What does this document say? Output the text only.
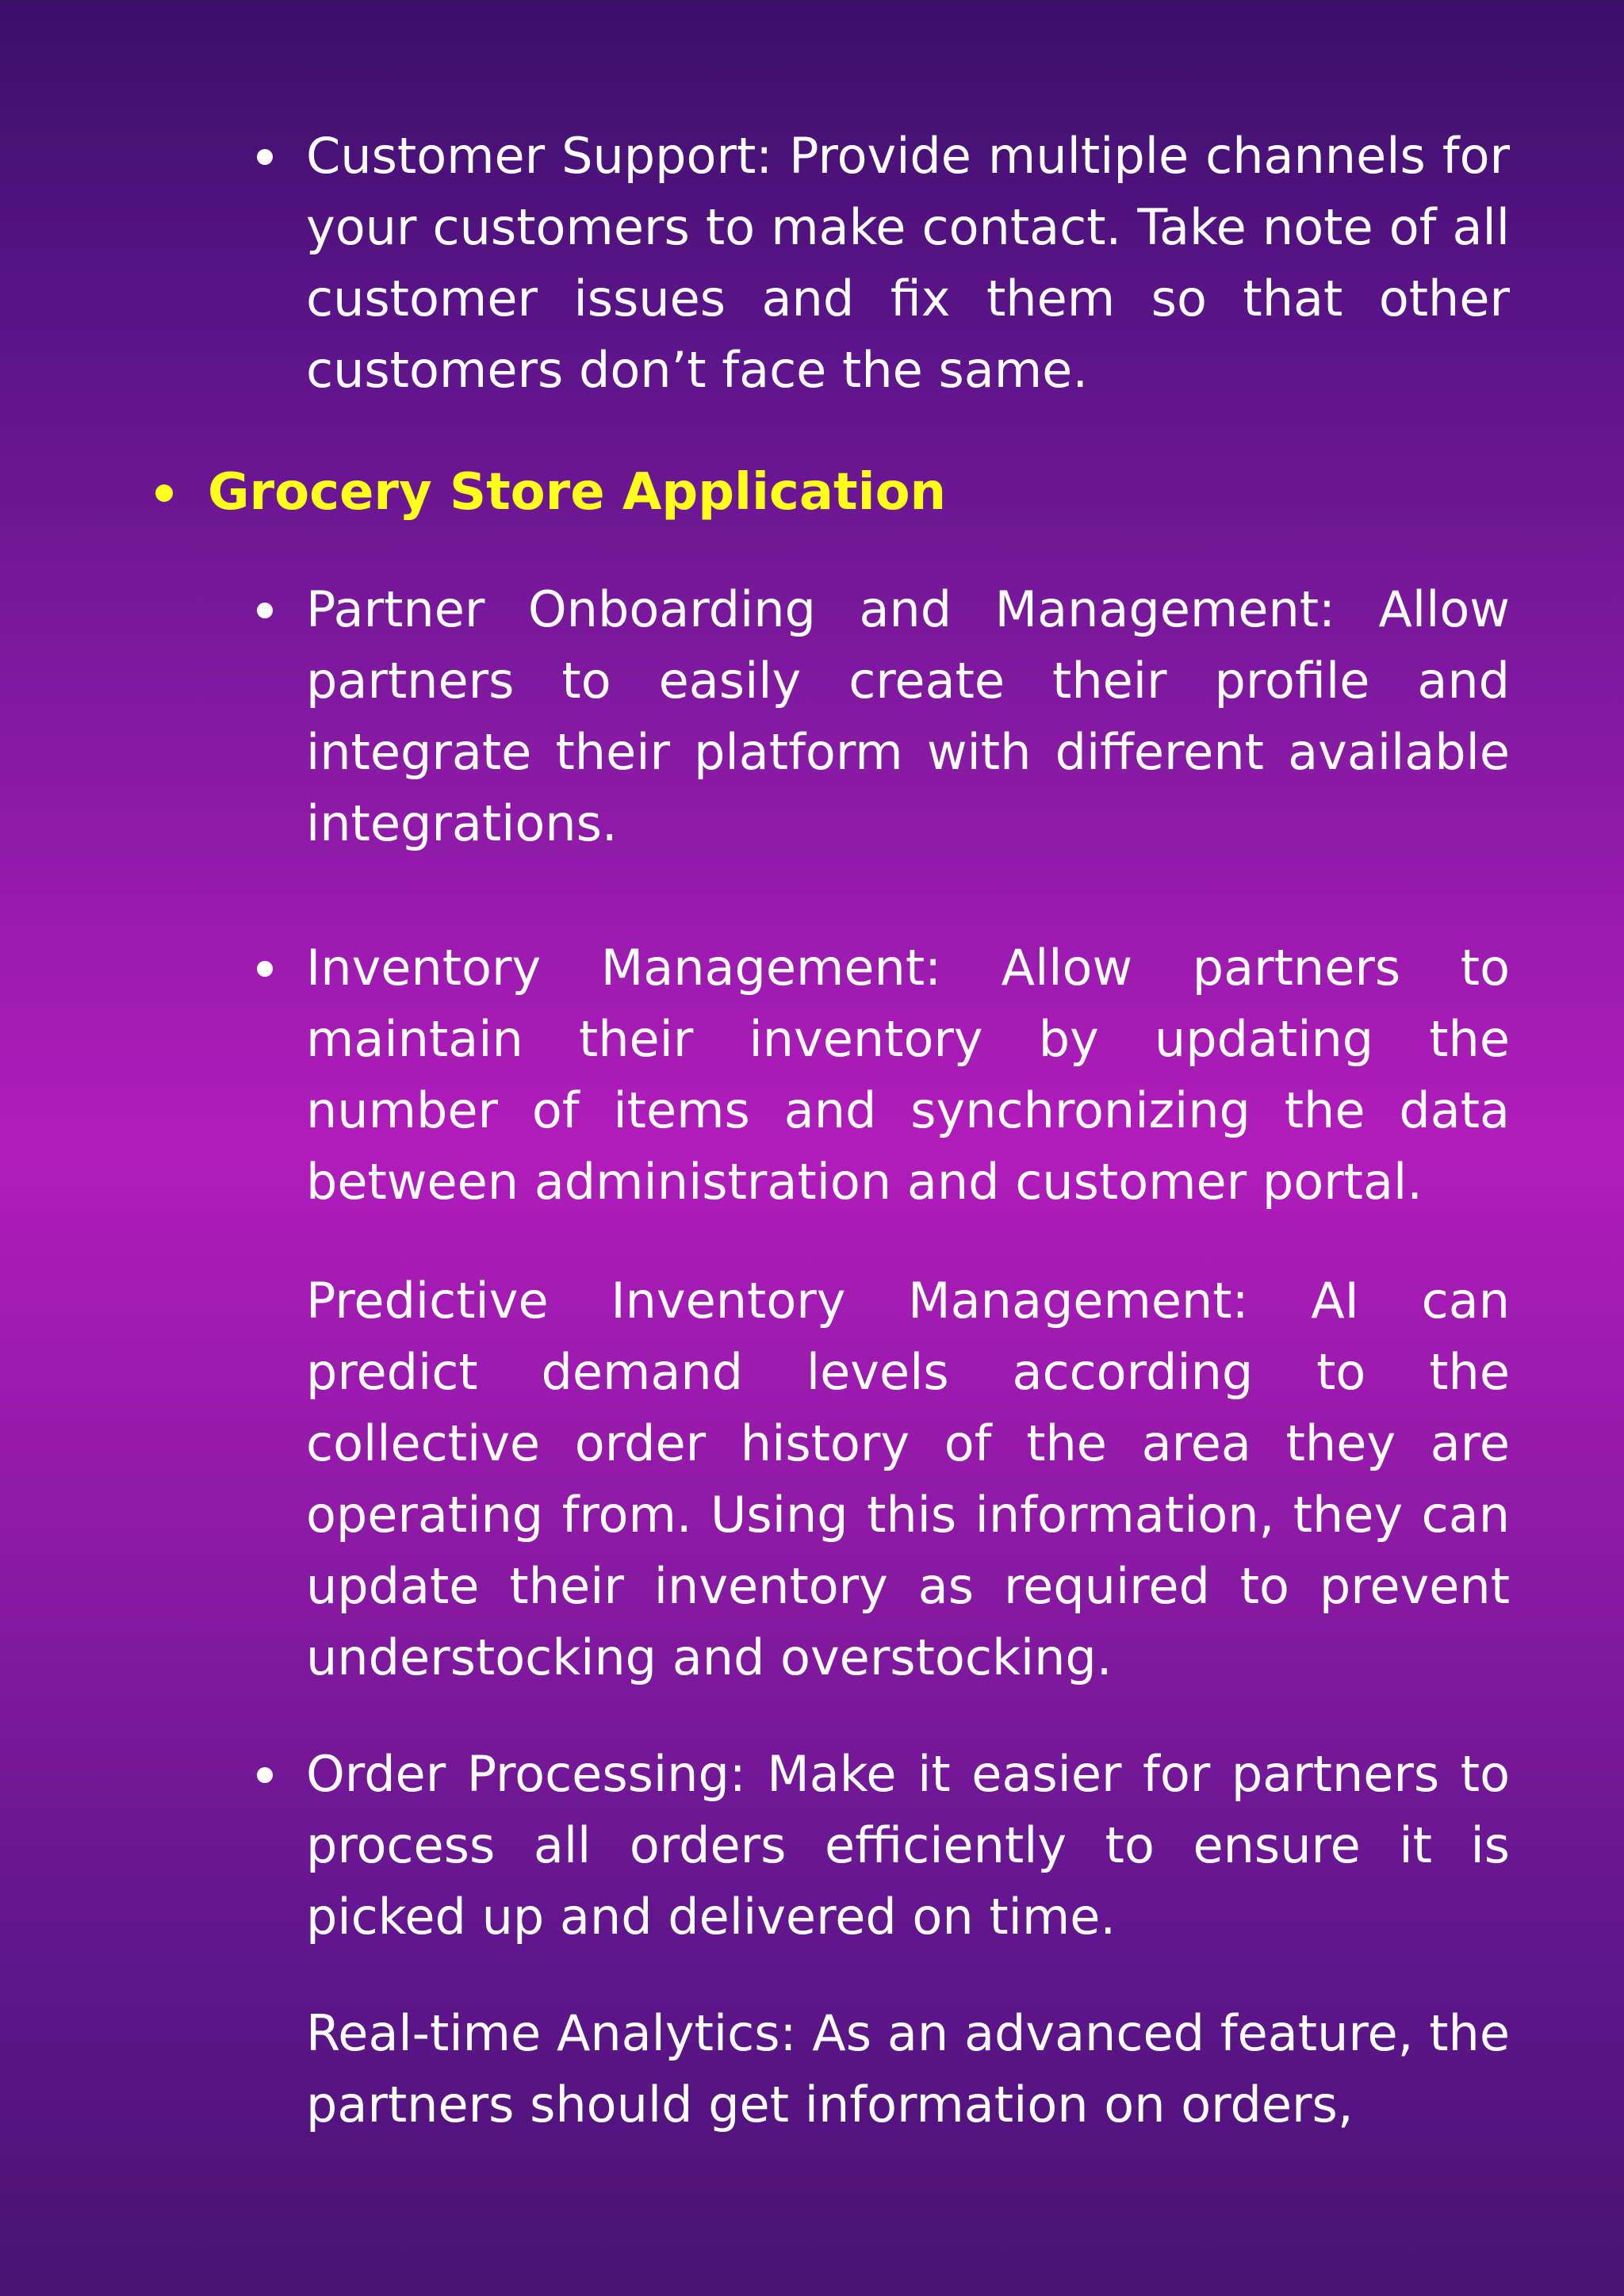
Customer Support: Provide multiple channels for your customers to make contact. Take note of all customer issues and fix them so that other customers don’t face the same.

Grocery Store Application

Partner Onboarding and Management: Allow partners to easily create their profile and integrate their platform with different available integrations.

Inventory Management: Allow partners to maintain their inventory by updating the number of items and synchronizing the data between administration and customer portal.

Predictive Inventory Management: AI can predict demand levels according to the collective order history of the area they are operating from. Using this information, they can update their inventory as required to prevent understocking and overstocking.

Order Processing: Make it easier for partners to process all orders efficiently to ensure it is picked up and delivered on time.

Real-time Analytics: As an advanced feature, the partners should get information on orders,
